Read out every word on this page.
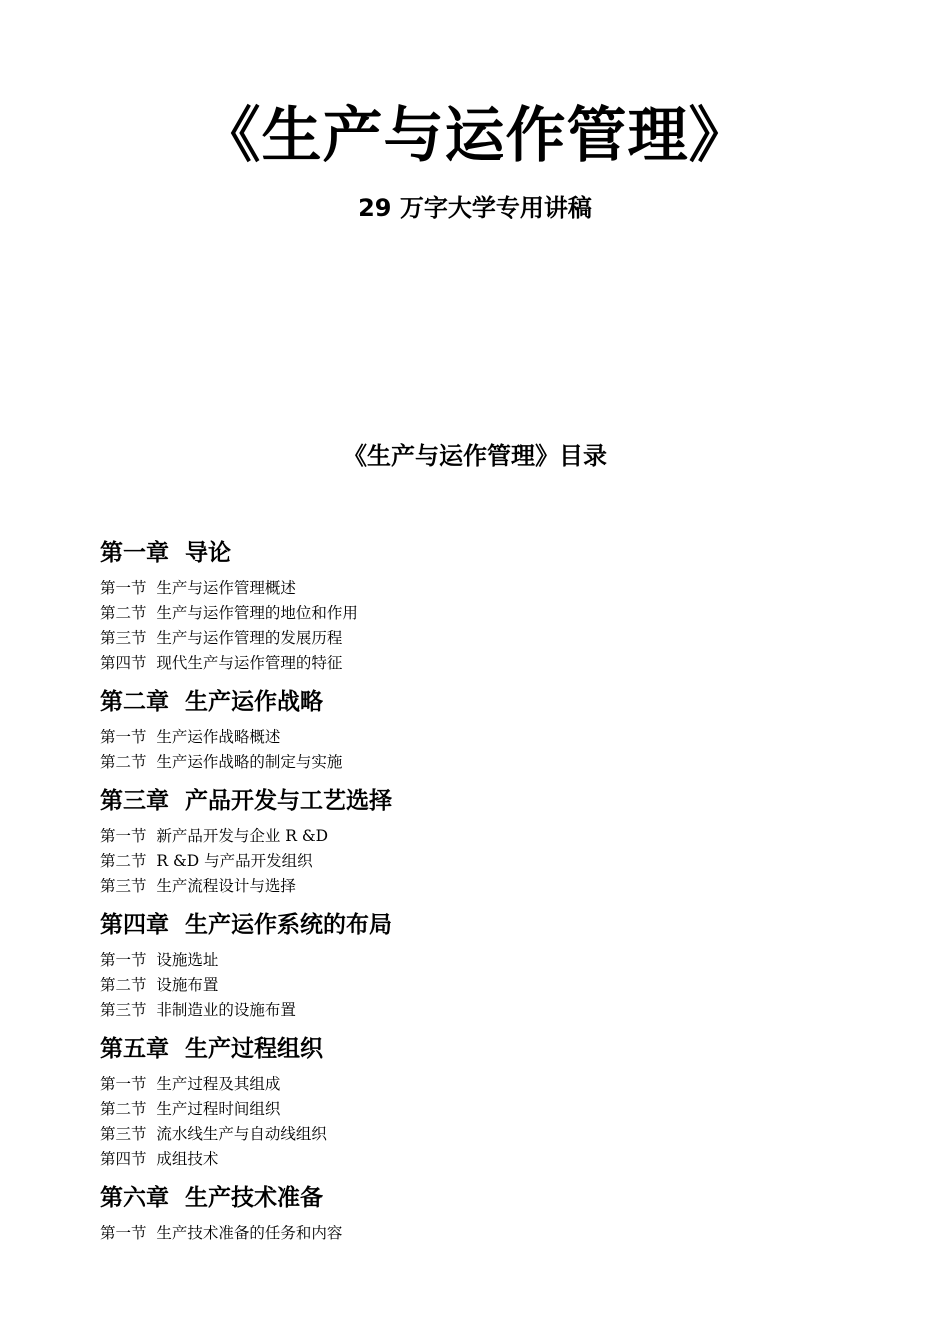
《生产与运作管理》
29 万字大学专用讲稿
《生产与运作管理》目录
第一章  导论
第一节  生产与运作管理概述
第二节  生产与运作管理的地位和作用
第三节  生产与运作管理的发展历程
第四节  现代生产与运作管理的特征
第二章  生产运作战略
第一节  生产运作战略概述
第二节  生产运作战略的制定与实施
第三章  产品开发与工艺选择
第一节  新产品开发与企业 R &D
第二节  R &D 与产品开发组织
第三节  生产流程设计与选择
第四章  生产运作系统的布局
第一节  设施选址
第二节  设施布置
第三节  非制造业的设施布置
第五章  生产过程组织
第一节  生产过程及其组成
第二节  生产过程时间组织
第三节  流水线生产与自动线组织
第四节  成组技术
第六章  生产技术准备
第一节  生产技术准备的任务和内容
